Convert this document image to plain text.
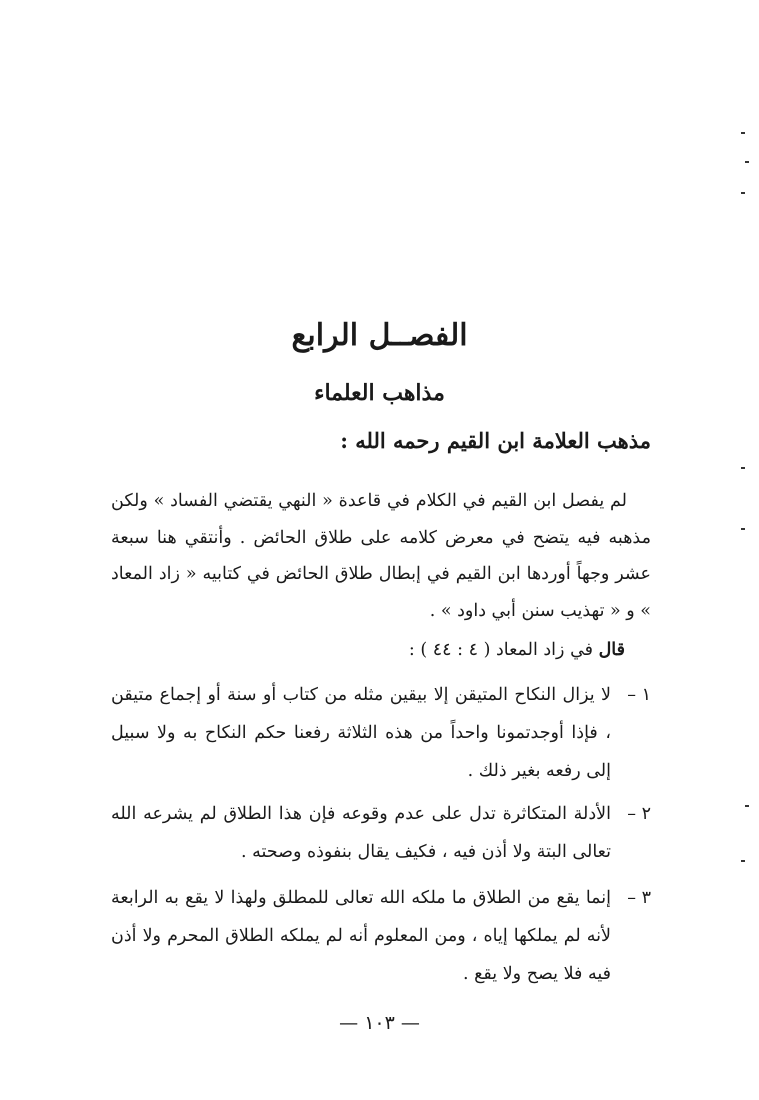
الفصــل الرابع
مذاهب العلماء
مذهب العلامة ابن القيم رحمه الله :

لم يفصل ابن القيم في الكلام في قاعدة « النهي يقتضي الفساد » ولكن مذهبه فيه يتضح في معرض كلامه على طلاق الحائض . وأنتقي هنا سبعة عشر وجهاً أوردها ابن القيم في إبطال طلاق الحائض في كتابيه « زاد المعاد » و « تهذيب سنن أبي داود » .

قال في زاد المعاد ( ٤ : ٤٤ ) :
١ –
لا يزال النكاح المتيقن إلا بيقين مثله من كتاب أو سنة أو إجماع متيقن ، فإذا أوجدتمونا واحداً من هذه الثلاثة رفعنا حكم النكاح به ولا سبيل إلى رفعه بغير ذلك .
٢ –
الأدلة المتكاثرة تدل على عدم وقوعه فإن هذا الطلاق لم يشرعه الله تعالى البتة ولا أذن فيه ، فكيف يقال بنفوذه وصحته .
٣ –
إنما يقع من الطلاق ما ملكه الله تعالى للمطلق ولهذا لا يقع به الرابعة لأنه لم يملكها إياه ، ومن المعلوم أنه لم يملكه الطلاق المحرم ولا أذن فيه فلا يصح ولا يقع .
— ١٠٣ —
